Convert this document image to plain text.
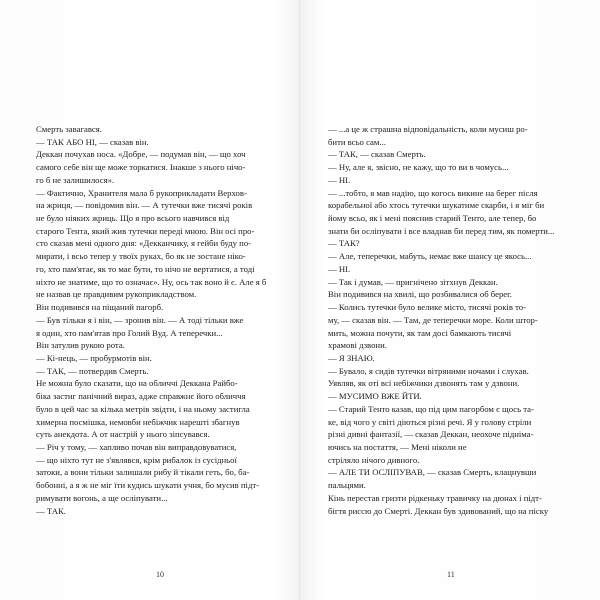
Смерть завагався.
— ТАК АБО НІ, — сказав він.
Деккан почухав носа. «Добре, — подумав він, — що хоч
самого себе він ще може торкатися. Інакше з нього нічо-
го б не залишилося».
— Фактично, Хранителя мала б рукоприкладати Верхов-
на жриця, — повідомив він. — А тутечки вже тисячі років
не було ніяких жриць. Що я про всього навчився від
старого Тента, який жив тутечки переді мною. Він осі про-
сто сказав мені одного дня: «Декканчику, я гейби буду по-
мирати, і всьо тепер у твоїх руках, бо як не зостане ніко-
го, хто пам'ятає, як то має бути, то нічо не вертатися, а тоді
ніхто не знатиме, що то означає». Ну, ось так воно й є. Але я б
не назвав це правдивим рукоприкладством.
Він подивився на піщаний пагорб.
— Був тільки я і він, — зронив він. — А тоді тільки вже
я один, хто пам'ятав про Голий Вуд. А теперечки...
Він затулив рукою рота.
— Кі-нець, — пробурмотів він.
— ТАК, — потвердив Смерть.
Не можна було сказати, що на обличчі Деккана Райбо-
біка застиг панічний вираз, адже справжнє його обличчя
було в цей час за кілька метрів звідти, і на ньому застигла
химерна посмішка, немовби небіжчик нарешті збагнув
суть анекдота. А от настрій у нього зіпсувався.
— Річ у тому, — хапливо почав він виправдовуватися,
— що ніхто тут не з'являвся, крім рибалок із сусідньої
затоки, а вони тільки залишали рибу й тікали геть, бо, ба-
бобонні, а я ж не міг їти кудись шукати учня, бо мусив підт-
римувати вогонь, а ще осліпувати...
— ТАК.
10
— ...а це ж страшна відповідальність, коли мусиш ро-
бити всьо сам...
— ТАК, — сказав Смерть.
— Ну, але я, звісно, не кажу, що то ви в чомусь...
— НІ.
— ...тобто, я мав надію, що когось викине на берег після
корабельної або хтось тутечки шукатиме скарби, і я міг би
йому всьо, як і мені пояснив старий Тенто, але тепер, бо
знати би осліпувати і все владнав би перед тим, як померти...
— ТАК?
— Але, теперечки, мабуть, немає вже шансу це якось...
— НІ.
— Так і думав, — пригнічено зітхнув Деккан.
Він подивився на хвилі, що розбивалися об берег.
— Колись тутечки було велике місто, тисячі років то-
му, — сказав він. — Там, де теперечки море. Коли штор-
мить, можна почути, як там досі бамкають тисячі
храмові дзвони.
— Я ЗНАЮ.
— Бувало, я сидів тутечки вітряними ночами і слухав.
Уявляв, як оті всі небіжчики дзвонять там у дзвони.
— МУСИМО ВЖЕ ЙТИ.
— Старий Тенто казав, що під цим пагорбом є щось та-
ке, від чого у світі діються різні речі. Я у голову стріли
різні дивні фантазії, — сказав Деккан, неохоче підніма-
ючись на постаття, — Мені ніколи не
стріляло нічого дивного.
— АЛЕ ТИ ОСЛІПУВАВ, — сказав Смерть, клацнувши
пальцями.
Кінь перестав гризти рідкеньку травичку на дюнах і підт-
бігтя риссю до Смерті. Деккан був здивований, що на піску
11
